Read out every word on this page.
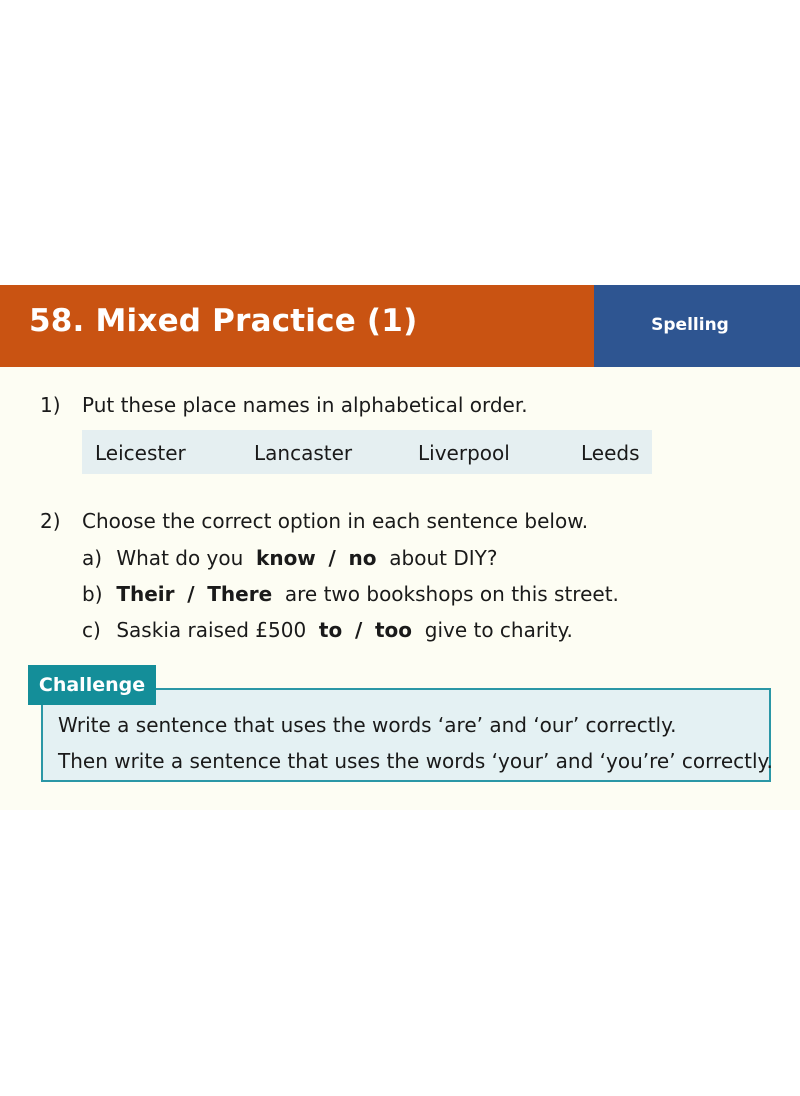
58. Mixed Practice (1)	Spelling
1) Put these place names in alphabetical order.
Leicester	Lancaster	Liverpool	Leeds
2) Choose the correct option in each sentence below.
a) What do you know / no about DIY?
b) Their / There are two bookshops on this street.
c) Saskia raised £500 to / too give to charity.
Challenge
Write a sentence that uses the words ‘are’ and ‘our’ correctly.
Then write a sentence that uses the words ‘your’ and ‘you’re’ correctly.
